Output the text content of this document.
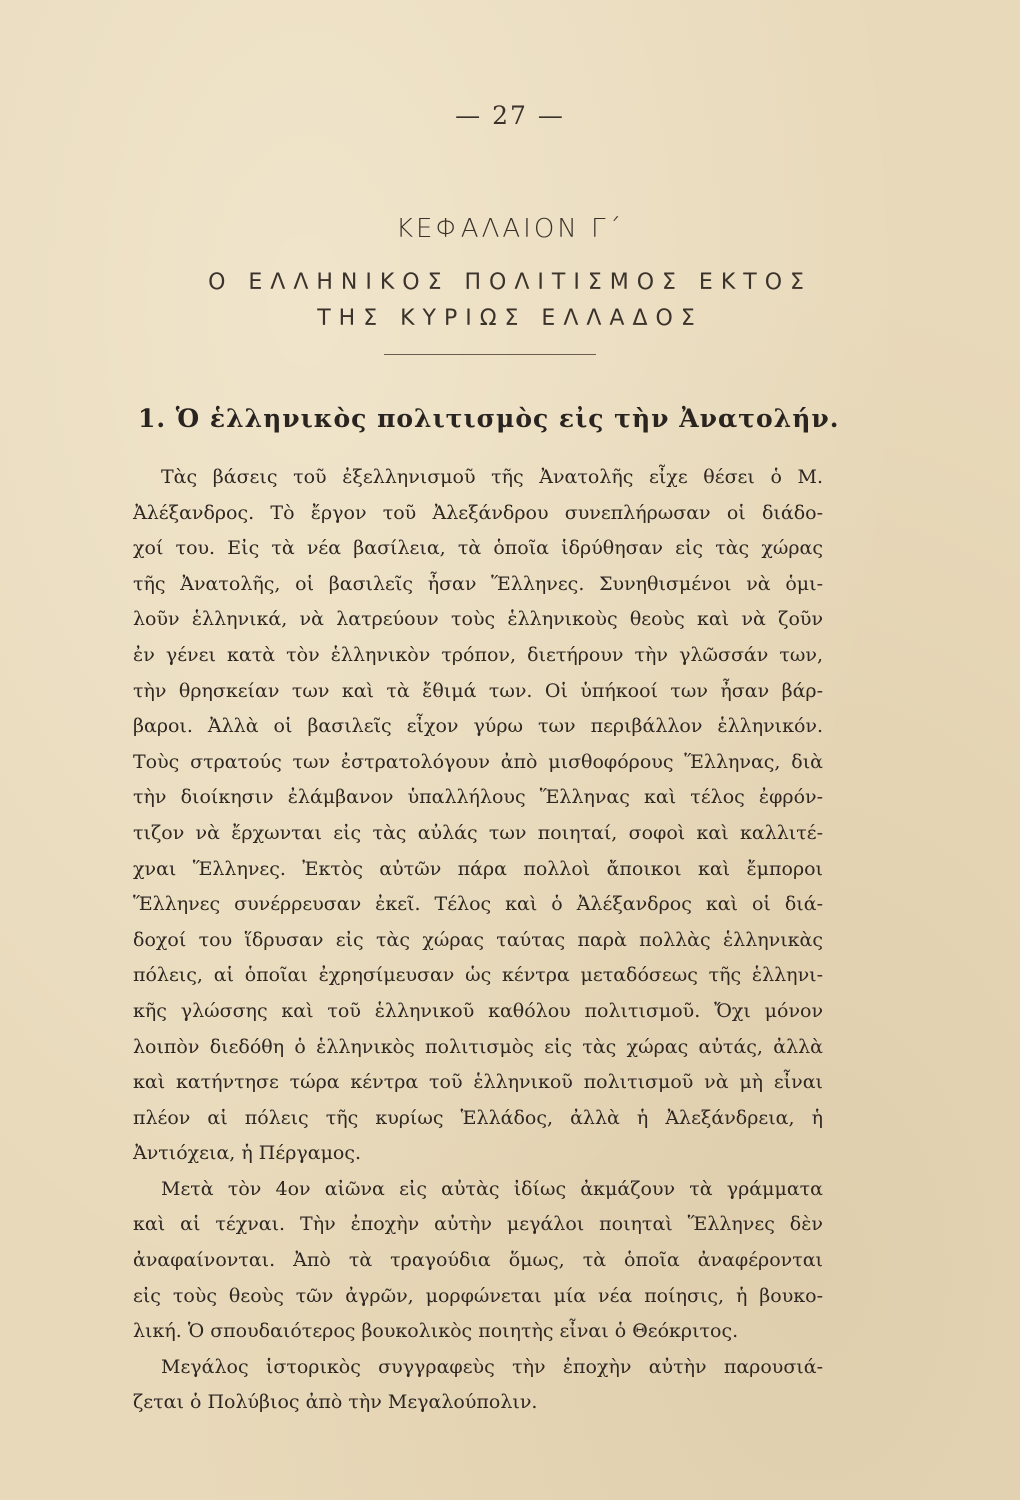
— 27 —
ΚΕΦΑΛΑΙΟΝ Γ΄
Ο ΕΛΛΗΝΙΚΟΣ ΠΟΛΙΤΙΣΜΟΣ ΕΚΤΟΣ
ΤΗΣ ΚΥΡΙΩΣ ΕΛΛΑΔΟΣ
1. Ὁ ἑλληνικὸς πολιτισμὸς εἰς τὴν Ἀνατολήν.
Τὰς βάσεις τοῦ ἐξελληνισμοῦ τῆς Ἀνατολῆς εἶχε θέσει ὁ Μ.
Ἀλέξανδρος. Τὸ ἔργον τοῦ Ἀλεξάνδρου συνεπλήρωσαν οἱ διάδο-
χοί του. Εἰς τὰ νέα βασίλεια, τὰ ὁποῖα ἱδρύθησαν εἰς τὰς χώρας
τῆς Ἀνατολῆς, οἱ βασιλεῖς ἦσαν Ἕλληνες. Συνηθισμένοι νὰ ὁμι-
λοῦν ἑλληνικά, νὰ λατρεύουν τοὺς ἑλληνικοὺς θεοὺς καὶ νὰ ζοῦν
ἐν γένει κατὰ τὸν ἑλληνικὸν τρόπον, διετήρουν τὴν γλῶσσάν των,
τὴν θρησκείαν των καὶ τὰ ἔθιμά των. Οἱ ὑπήκοοί των ἦσαν βάρ-
βαροι. Ἀλλὰ οἱ βασιλεῖς εἶχον γύρω των περιβάλλον ἑλληνικόν.
Τοὺς στρατούς των ἐστρατολόγουν ἀπὸ μισθοφόρους Ἕλληνας, διὰ
τὴν διοίκησιν ἐλάμβανον ὑπαλλήλους Ἕλληνας καὶ τέλος ἐφρόν-
τιζον νὰ ἔρχωνται εἰς τὰς αὐλάς των ποιηταί, σοφοὶ καὶ καλλιτέ-
χναι Ἕλληνες. Ἐκτὸς αὐτῶν πάρα πολλοὶ ἄποικοι καὶ ἔμποροι
Ἕλληνες συνέρρευσαν ἐκεῖ. Τέλος καὶ ὁ Ἀλέξανδρος καὶ οἱ διά-
δοχοί του ἵδρυσαν εἰς τὰς χώρας ταύτας παρὰ πολλὰς ἑλληνικὰς
πόλεις, αἱ ὁποῖαι ἐχρησίμευσαν ὡς κέντρα μεταδόσεως τῆς ἑλληνι-
κῆς γλώσσης καὶ τοῦ ἑλληνικοῦ καθόλου πολιτισμοῦ. Ὄχι μόνον
λοιπὸν διεδόθη ὁ ἑλληνικὸς πολιτισμὸς εἰς τὰς χώρας αὐτάς, ἀλλὰ
καὶ κατήντησε τώρα κέντρα τοῦ ἑλληνικοῦ πολιτισμοῦ νὰ μὴ εἶναι
πλέον αἱ πόλεις τῆς κυρίως Ἑλλάδος, ἀλλὰ ἡ Ἀλεξάνδρεια, ἡ
Ἀντιόχεια, ἡ Πέργαμος.
Μετὰ τὸν 4ον αἰῶνα εἰς αὐτὰς ἰδίως ἀκμάζουν τὰ γράμματα
καὶ αἱ τέχναι. Τὴν ἐποχὴν αὐτὴν μεγάλοι ποιηταὶ Ἕλληνες δὲν
ἀναφαίνονται. Ἀπὸ τὰ τραγούδια ὅμως, τὰ ὁποῖα ἀναφέρονται
εἰς τοὺς θεοὺς τῶν ἀγρῶν, μορφώνεται μία νέα ποίησις, ἡ βουκο-
λική. Ὁ σπουδαιότερος βουκολικὸς ποιητὴς εἶναι ὁ Θεόκριτος.
Μεγάλος ἱστορικὸς συγγραφεὺς τὴν ἐποχὴν αὐτὴν παρουσιά-
ζεται ὁ Πολύβιος ἀπὸ τὴν Μεγαλούπολιν.
